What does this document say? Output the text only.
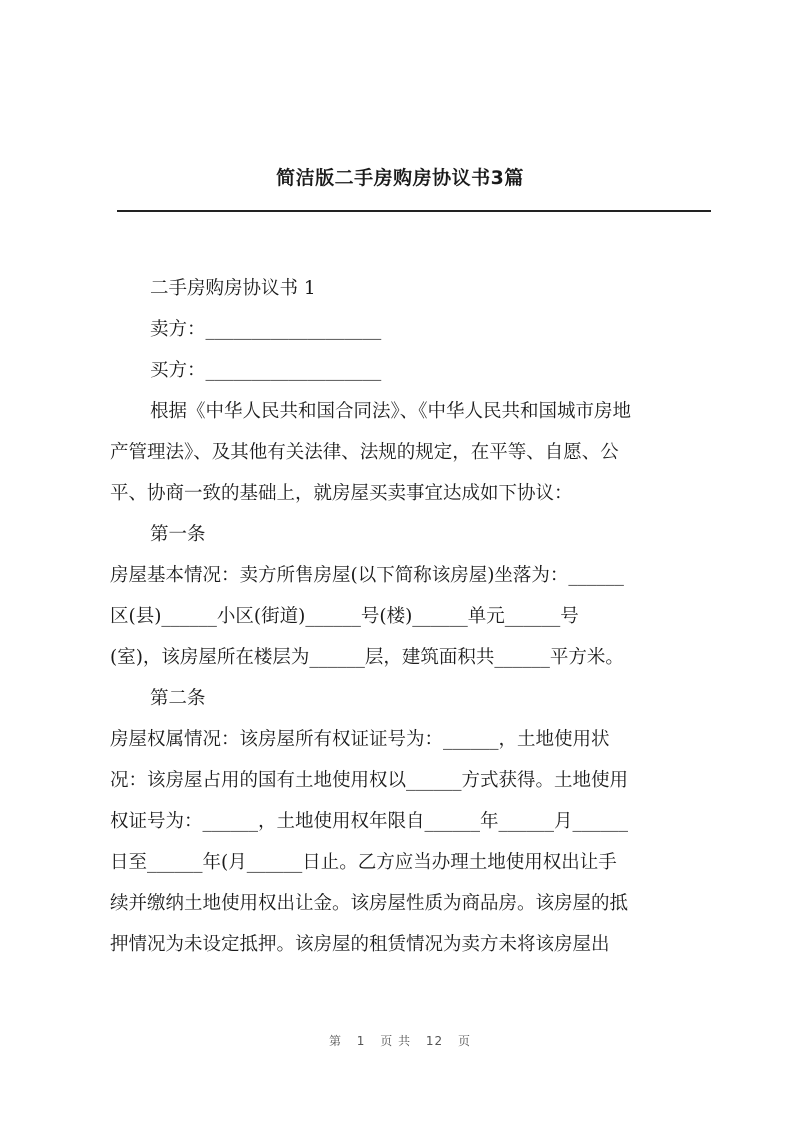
简洁版二手房购房协议书3篇
二手房购房协议书 1
卖方：___________________
买方：___________________
根据《中华人民共和国合同法》、《中华人民共和国城市房地
产管理法》、及其他有关法律、法规的规定，在平等、自愿、公
平、协商一致的基础上，就房屋买卖事宜达成如下协议：
第一条
房屋基本情况：卖方所售房屋(以下简称该房屋)坐落为：______
区(县)______小区(街道)______号(楼)______单元______号
(室)，该房屋所在楼层为______层，建筑面积共______平方米。
第二条
房屋权属情况：该房屋所有权证证号为：______，土地使用状
况：该房屋占用的国有土地使用权以______方式获得。土地使用
权证号为：______，土地使用权年限自______年______月______
日至______年(月______日止。乙方应当办理土地使用权出让手
续并缴纳土地使用权出让金。该房屋性质为商品房。该房屋的抵
押情况为未设定抵押。该房屋的租赁情况为卖方未将该房屋出
第 1 页 共 12 页
